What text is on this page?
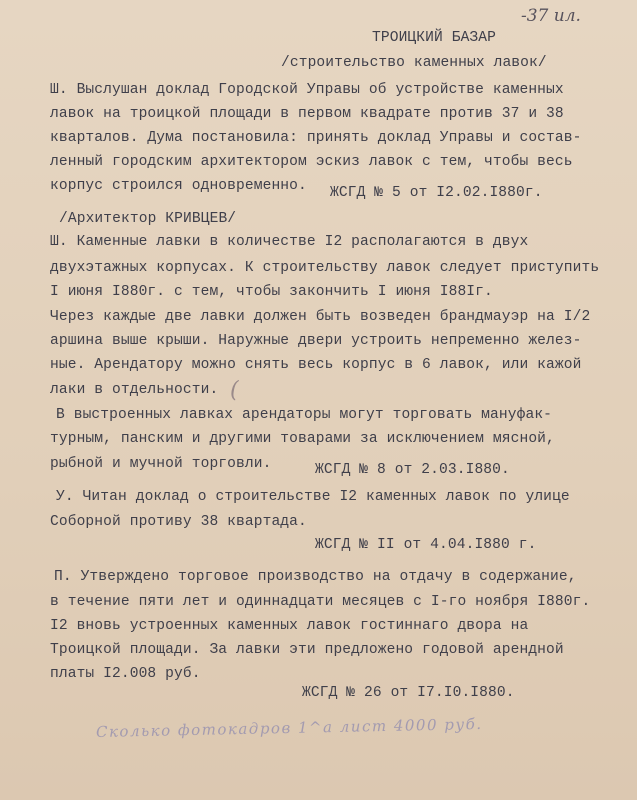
-37 ил.
ТРОИЦКИЙ БАЗАР
/строительство каменных лавок/
Ш. Выслушан доклад Городской Управы об устройстве каменных
лавок на троицкой площади в первом квадрате против 37 и 38
кварталов. Дума постановила: принять доклад Управы и состав-
ленный городским архитектором эскиз лавок с тем, чтобы весь
корпус строился одновременно. ЖСГД № 5 от I2.02.I880г.
/Архитектор КРИВЦЕВ/
Ш. Каменные лавки в количестве I2 располагаются в двух
двухэтажных корпусах. К строительству лавок следует приступить
I июня I880г. с тем, чтобы закончить I июня I88Iг.
Через каждые две лавки должен быть возведен брандмауэр на I/2
аршина выше крыши. Наружные двери устроить непременно желез-
ные. Арендатору можно снять весь корпус в 6 лавок, или кажой
лаки в отдельности. (
В выстроенных лавках арендаторы могут торговать мануфак-
турным, панским и другими товарами за исключением мясной,
рыбной и мучной торговли.	ЖСГД № 8 от 2.03.I880.
У. Читан доклад о строительстве I2 каменных лавок по улице
Соборной противу 38 квартада.
ЖСГД № II от 4.04.I880 г.
П. Утверждено торговое производство на отдачу в содержание,
в течение пяти лет и одиннадцати месяцев с I-го ноября I880г.
I2 вновь устроенных каменных лавок гостиннаго двора на
Троицкой площади. За лавки эти предложено годовой арендной
платы I2.008 руб.
ЖСГД № 26 от I7.I0.I880.
Сколько фотокадров 1^а лист 4000 руб.
